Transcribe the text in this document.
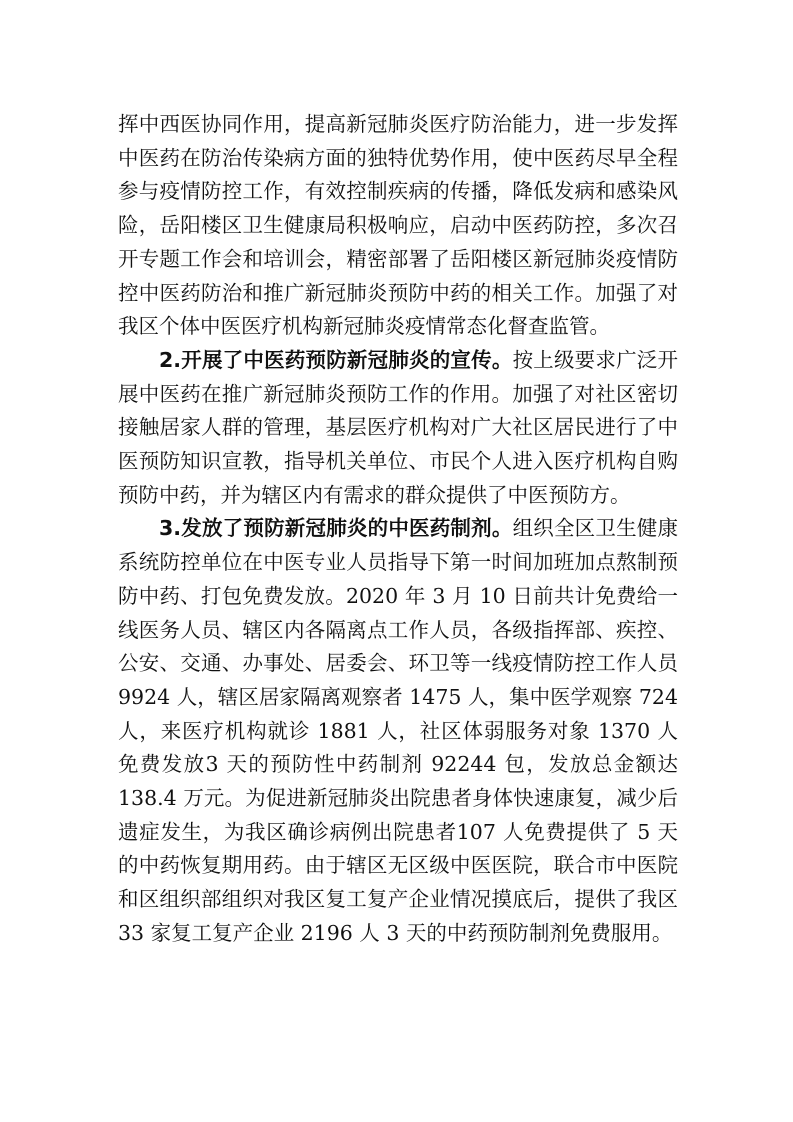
挥中西医协同作用，提高新冠肺炎医疗防治能力，进一步发挥中医药在防治传染病方面的独特优势作用，使中医药尽早全程参与疫情防控工作，有效控制疾病的传播，降低发病和感染风险，岳阳楼区卫生健康局积极响应，启动中医药防控，多次召开专题工作会和培训会，精密部署了岳阳楼区新冠肺炎疫情防控中医药防治和推广新冠肺炎预防中药的相关工作。加强了对我区个体中医医疗机构新冠肺炎疫情常态化督查监管。

2.开展了中医药预防新冠肺炎的宣传。按上级要求广泛开展中医药在推广新冠肺炎预防工作的作用。加强了对社区密切接触居家人群的管理，基层医疗机构对广大社区居民进行了中医预防知识宣教，指导机关单位、市民个人进入医疗机构自购预防中药，并为辖区内有需求的群众提供了中医预防方。

3.发放了预防新冠肺炎的中医药制剂。组织全区卫生健康系统防控单位在中医专业人员指导下第一时间加班加点熬制预防中药、打包免费发放。2020 年 3 月 10 日前共计免费给一线医务人员、辖区内各隔离点工作人员，各级指挥部、疾控、公安、交通、办事处、居委会、环卫等一线疫情防控工作人员9924 人，辖区居家隔离观察者 1475 人，集中医学观察 724 人，来医疗机构就诊 1881 人，社区体弱服务对象 1370 人免费发放3 天的预防性中药制剂 92244 包，发放总金额达 138.4 万元。为促进新冠肺炎出院患者身体快速康复，减少后遗症发生，为我区确诊病例出院患者107 人免费提供了 5 天的中药恢复期用药。由于辖区无区级中医医院，联合市中医院和区组织部组织对我区复工复产企业情况摸底后，提供了我区 33 家复工复产企业 2196 人 3 天的中药预防制剂免费服用。
